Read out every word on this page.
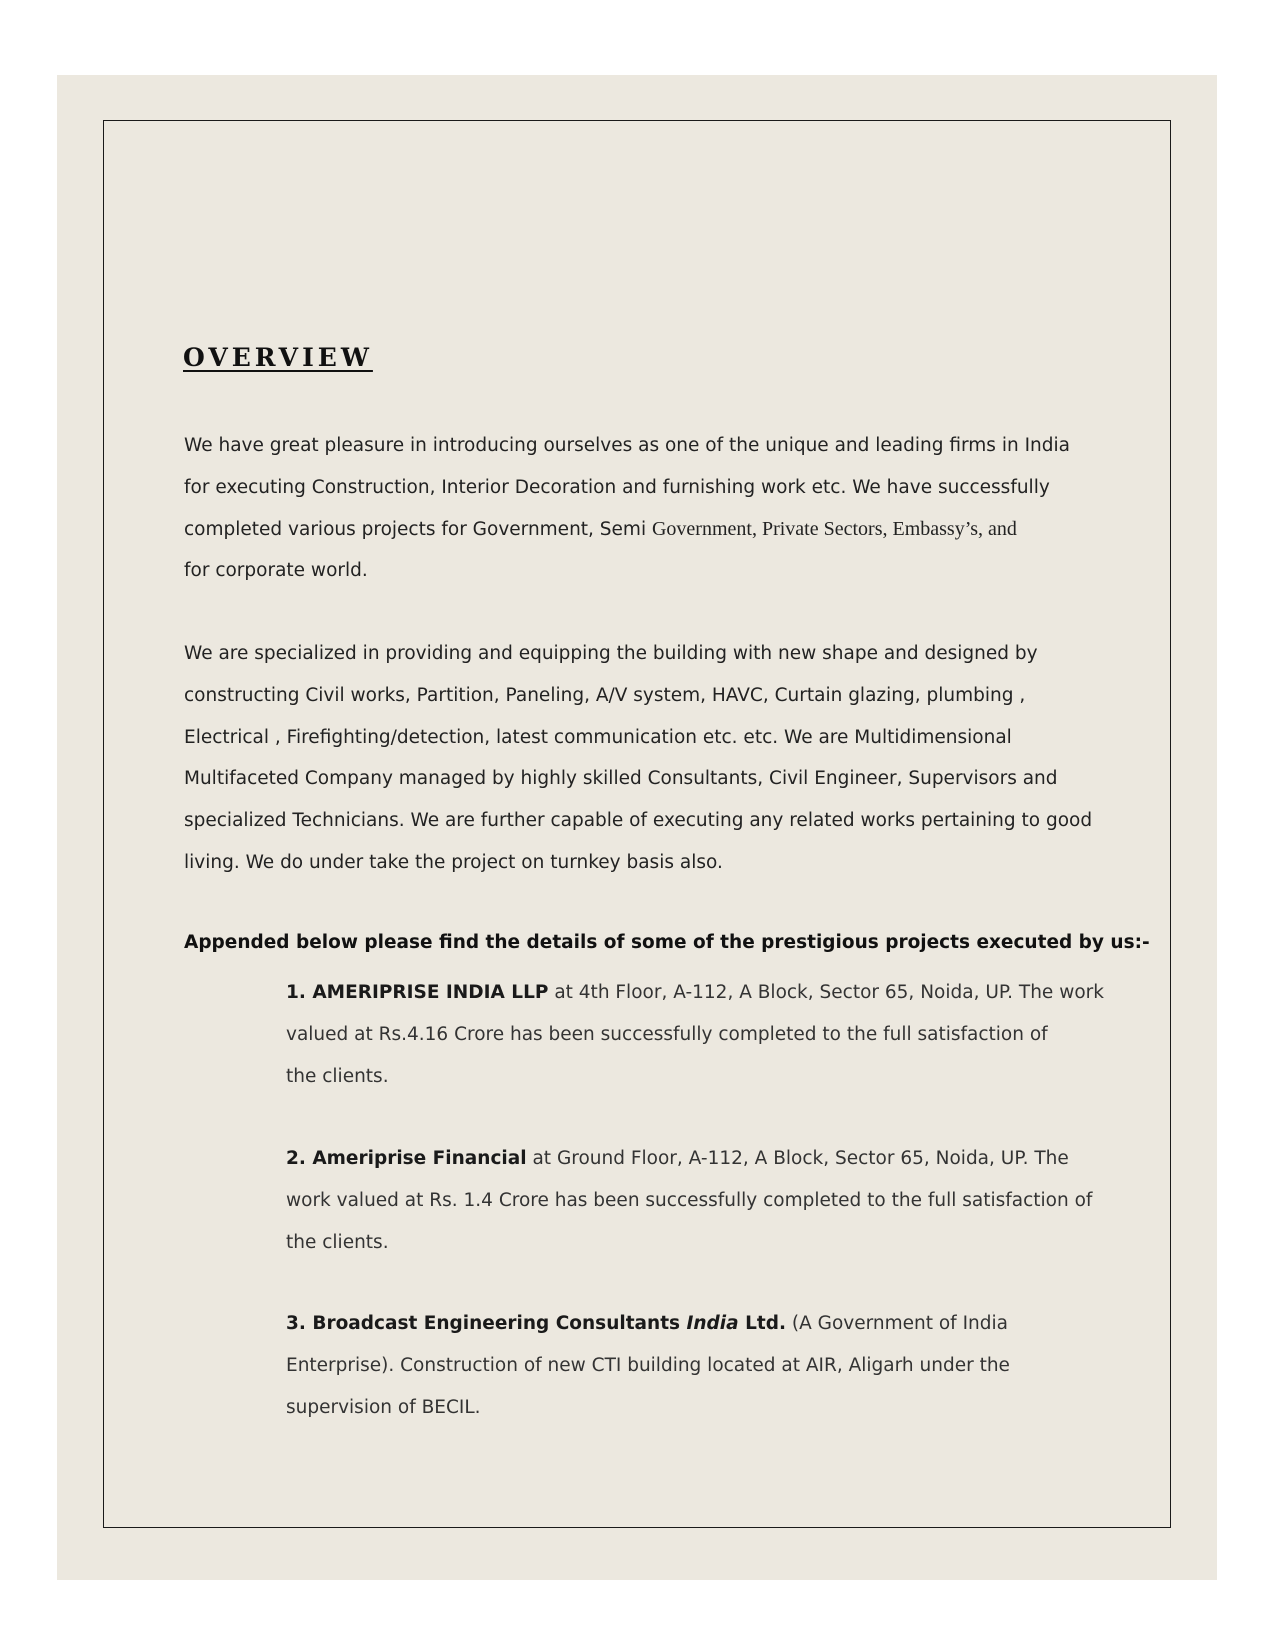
OVERVIEW

We have great pleasure in introducing ourselves as one of the unique and leading firms in India
for executing Construction, Interior Decoration and furnishing work etc. We have successfully
completed various projects for Government, Semi Government, Private Sectors, Embassy’s, and
for corporate world.

We are specialized in providing and equipping the building with new shape and designed by
constructing Civil works, Partition, Paneling, A/V system, HAVC, Curtain glazing, plumbing ,
Electrical , Firefighting/detection, latest communication etc. etc. We are Multidimensional
Multifaceted Company managed by highly skilled Consultants, Civil Engineer, Supervisors and
specialized Technicians. We are further capable of executing any related works pertaining to good
living. We do under take the project on turnkey basis also.

Appended below please find the details of some of the prestigious projects executed by us:-

1. AMERIPRISE INDIA LLP at 4th Floor, A-112, A Block, Sector 65, Noida, UP. The work
valued at Rs.4.16 Crore has been successfully completed to the full satisfaction of
the clients.
2. Ameriprise Financial at Ground Floor, A-112, A Block, Sector 65, Noida, UP. The
work valued at Rs. 1.4 Crore has been successfully completed to the full satisfaction of
the clients.
3. Broadcast Engineering Consultants India Ltd. (A Government of India
Enterprise). Construction of new CTI building located at AIR, Aligarh under the
supervision of BECIL.
